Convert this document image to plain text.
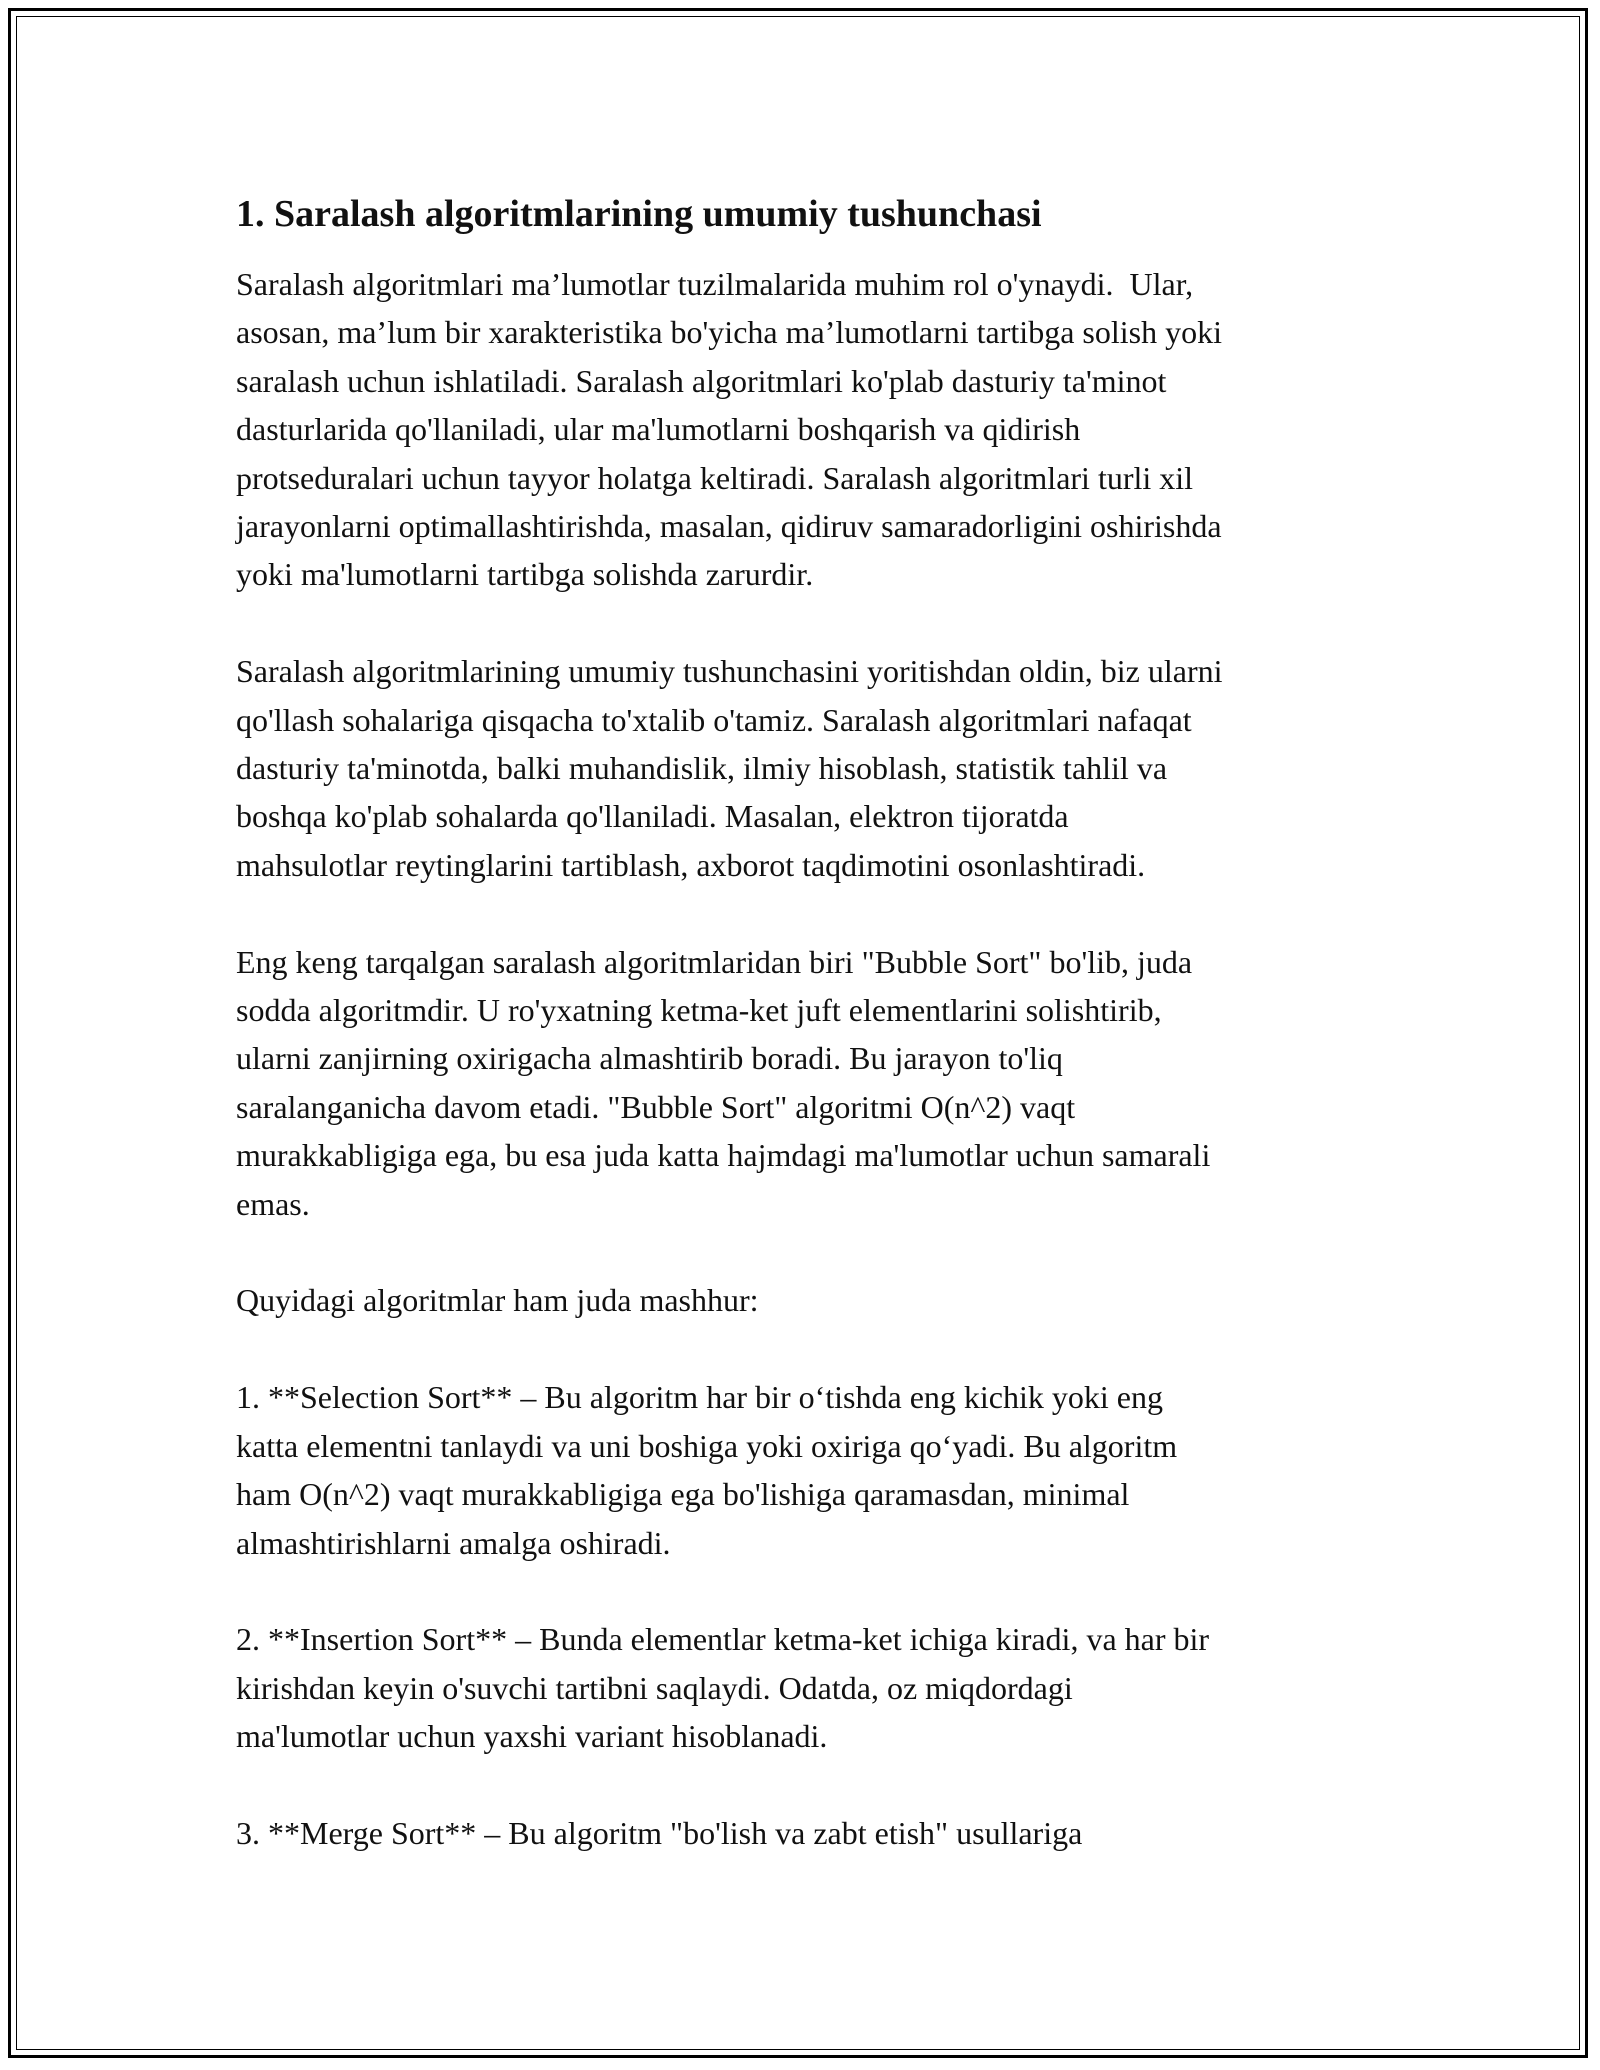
1. Saralash algoritmlarining umumiy tushunchasi
Saralash algoritmlari ma’lumotlar tuzilmalarida muhim rol o'ynaydi.  Ular,
asosan, ma’lum bir xarakteristika bo'yicha ma’lumotlarni tartibga solish yoki
saralash uchun ishlatiladi. Saralash algoritmlari ko'plab dasturiy ta'minot
dasturlarida qo'llaniladi, ular ma'lumotlarni boshqarish va qidirish
protseduralari uchun tayyor holatga keltiradi. Saralash algoritmlari turli xil
jarayonlarni optimallashtirishda, masalan, qidiruv samaradorligini oshirishda
yoki ma'lumotlarni tartibga solishda zarurdir.
Saralash algoritmlarining umumiy tushunchasini yoritishdan oldin, biz ularni
qo'llash sohalariga qisqacha to'xtalib o'tamiz. Saralash algoritmlari nafaqat
dasturiy ta'minotda, balki muhandislik, ilmiy hisoblash, statistik tahlil va
boshqa ko'plab sohalarda qo'llaniladi. Masalan, elektron tijoratda
mahsulotlar reytinglarini tartiblash, axborot taqdimotini osonlashtiradi.
Eng keng tarqalgan saralash algoritmlaridan biri "Bubble Sort" bo'lib, juda
sodda algoritmdir. U ro'yxatning ketma-ket juft elementlarini solishtirib,
ularni zanjirning oxirigacha almashtirib boradi. Bu jarayon to'liq
saralanganicha davom etadi. "Bubble Sort" algoritmi O(n^2) vaqt
murakkabligiga ega, bu esa juda katta hajmdagi ma'lumotlar uchun samarali
emas.
Quyidagi algoritmlar ham juda mashhur:
1. **Selection Sort** – Bu algoritm har bir o‘tishda eng kichik yoki eng
katta elementni tanlaydi va uni boshiga yoki oxiriga qo‘yadi. Bu algoritm
ham O(n^2) vaqt murakkabligiga ega bo'lishiga qaramasdan, minimal
almashtirishlarni amalga oshiradi.
2. **Insertion Sort** – Bunda elementlar ketma-ket ichiga kiradi, va har bir
kirishdan keyin o'suvchi tartibni saqlaydi. Odatda, oz miqdordagi
ma'lumotlar uchun yaxshi variant hisoblanadi.
3. **Merge Sort** – Bu algoritm "bo'lish va zabt etish" usullariga
